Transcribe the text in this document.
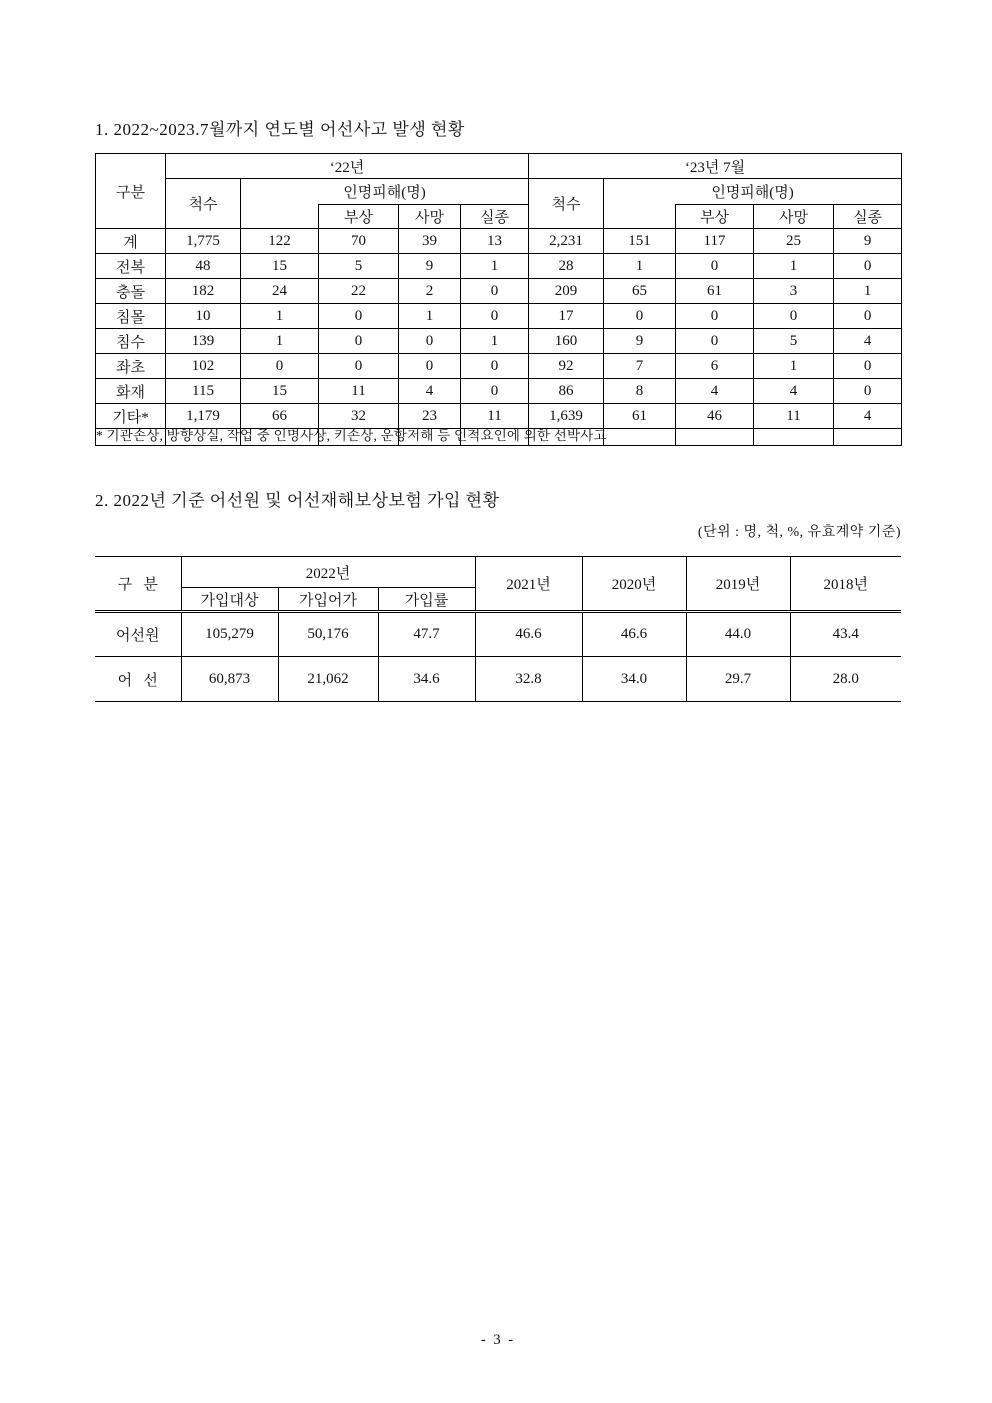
1. 2022~2023.7월까지 연도별 어선사고 발생 현황
구분	‘22년					‘23년 7월				
	척수	인명피해(명)				척수	인명피해(명)			
			부상	사망	실종			부상	사망	실종
계	1,775	122	70	39	13	2,231	151	117	25	9
전복	48	15	5	9	1	28	1	0	1	0
충돌	182	24	22	2	0	209	65	61	3	1
침몰	10	1	0	1	0	17	0	0	0	0
침수	139	1	0	0	1	160	9	0	5	4
좌초	102	0	0	0	0	92	7	6	1	0
화재	115	15	11	4	0	86	8	4	4	0
기타*	1,179	66	32	23	11	1,639	61	46	11	4

* 기관손상, 방향상실, 작업 중 인명사상, 키손상, 운항저해 등 인적요인에 의한 선박사고
2. 2022년 기준 어선원 및 어선재해보상보험 가입 현황
(단위 : 명, 척, %, 유효계약 기준)
구   분	2022년			2021년	2020년	2019년	2018년
	가입대상	가입어가	가입률				
어선원	105,279	50,176	47.7	46.6	46.6	44.0	43.4
어   선	60,873	21,062	34.6	32.8	34.0	29.7	28.0
- 3 -
